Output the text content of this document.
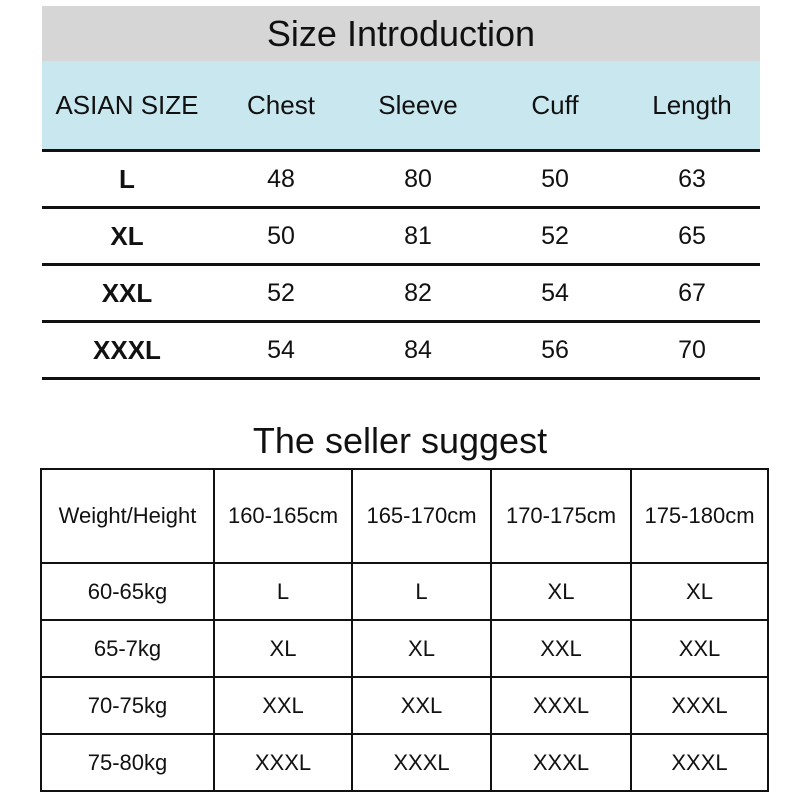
Size Introduction
ASIAN SIZE	Chest	Sleeve	Cuff	Length
L	48	80	50	63
XL	50	81	52	65
XXL	52	82	54	67
XXXL	54	84	56	70
The seller suggest
Weight/Height	160-165cm	165-170cm	170-175cm	175-180cm
60-65kg	L	L	XL	XL
65-7kg	XL	XL	XXL	XXL
70-75kg	XXL	XXL	XXXL	XXXL
75-80kg	XXXL	XXXL	XXXL	XXXL
